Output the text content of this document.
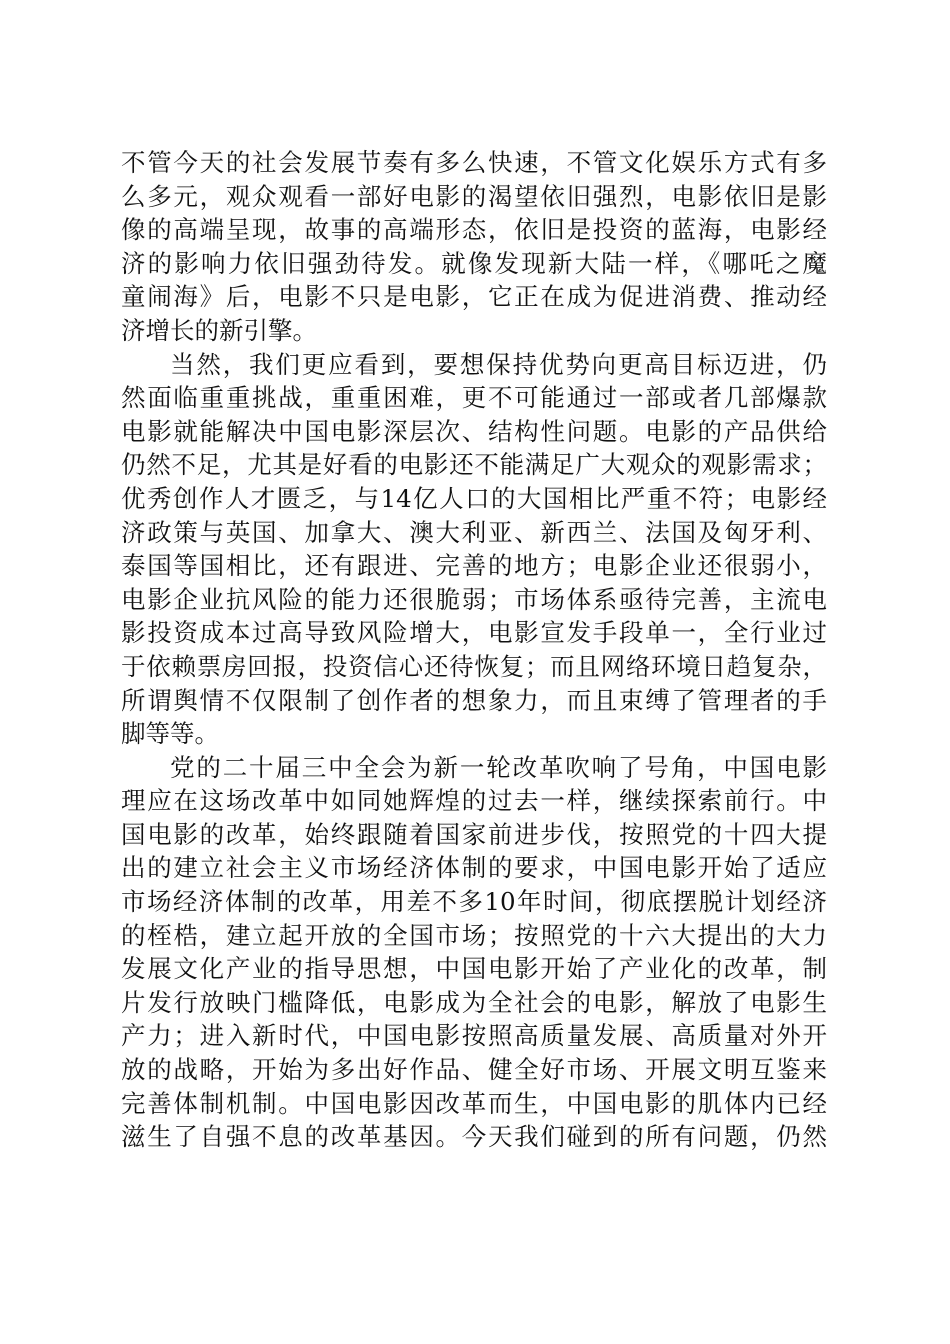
不管今天的社会发展节奏有多么快速，不管文化娱乐方式有多
么多元，观众观看一部好电影的渴望依旧强烈，电影依旧是影
像的高端呈现，故事的高端形态，依旧是投资的蓝海，电影经
济的影响力依旧强劲待发。就像发现新大陆一样，《哪吒之魔
童闹海》后，电影不只是电影，它正在成为促进消费、推动经
济增长的新引擎。
当然，我们更应看到，要想保持优势向更高目标迈进，仍
然面临重重挑战，重重困难，更不可能通过一部或者几部爆款
电影就能解决中国电影深层次、结构性问题。电影的产品供给
仍然不足，尤其是好看的电影还不能满足广大观众的观影需求；
优秀创作人才匮乏，与14亿人口的大国相比严重不符；电影经
济政策与英国、加拿大、澳大利亚、新西兰、法国及匈牙利、
泰国等国相比，还有跟进、完善的地方；电影企业还很弱小，
电影企业抗风险的能力还很脆弱；市场体系亟待完善，主流电
影投资成本过高导致风险增大，电影宣发手段单一，全行业过
于依赖票房回报，投资信心还待恢复；而且网络环境日趋复杂，
所谓舆情不仅限制了创作者的想象力，而且束缚了管理者的手
脚等等。
党的二十届三中全会为新一轮改革吹响了号角，中国电影
理应在这场改革中如同她辉煌的过去一样，继续探索前行。中
国电影的改革，始终跟随着国家前进步伐，按照党的十四大提
出的建立社会主义市场经济体制的要求，中国电影开始了适应
市场经济体制的改革，用差不多10年时间，彻底摆脱计划经济
的桎梏，建立起开放的全国市场；按照党的十六大提出的大力
发展文化产业的指导思想，中国电影开始了产业化的改革，制
片发行放映门槛降低，电影成为全社会的电影，解放了电影生
产力；进入新时代，中国电影按照高质量发展、高质量对外开
放的战略，开始为多出好作品、健全好市场、开展文明互鉴来
完善体制机制。中国电影因改革而生，中国电影的肌体内已经
滋生了自强不息的改革基因。今天我们碰到的所有问题，仍然
